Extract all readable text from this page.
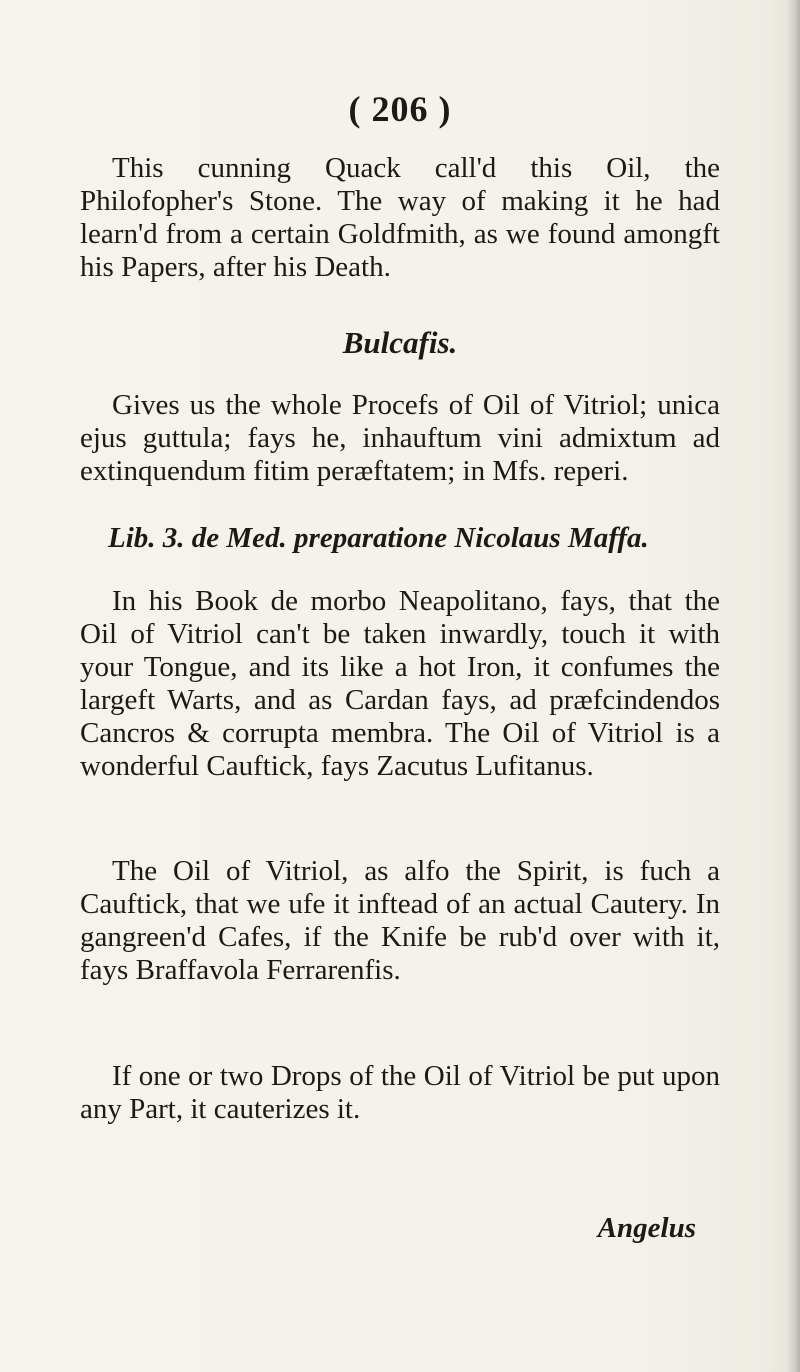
( 206 )
This cunning Quack call'd this Oil, the Philofopher's Stone. The way of making it he had learn'd from a certain Goldfmith, as we found amongft his Papers, after his Death.
Bulcafis.
Gives us the whole Procefs of Oil of Vitriol; unica ejus guttula; fays he, inhauftum vini admixtum ad extinquendum fitim peræftatem; in Mfs. reperi.
Lib. 3. de Med. preparatione Nicolaus Maffa.
In his Book de morbo Neapolitano, fays, that the Oil of Vitriol can't be taken inwardly, touch it with your Tongue, and its like a hot Iron, it confumes the largeft Warts, and as Cardan fays, ad præfcindendos Cancros & corrupta membra. The Oil of Vitriol is a wonderful Cauftick, fays Zacutus Lufitanus.
The Oil of Vitriol, as alfo the Spirit, is fuch a Cauftick, that we ufe it inftead of an actual Cautery. In gangreen'd Cafes, if the Knife be rub'd over with it, fays Braffavola Ferrarenfis.
If one or two Drops of the Oil of Vitriol be put upon any Part, it cauterizes it.
Angelus
